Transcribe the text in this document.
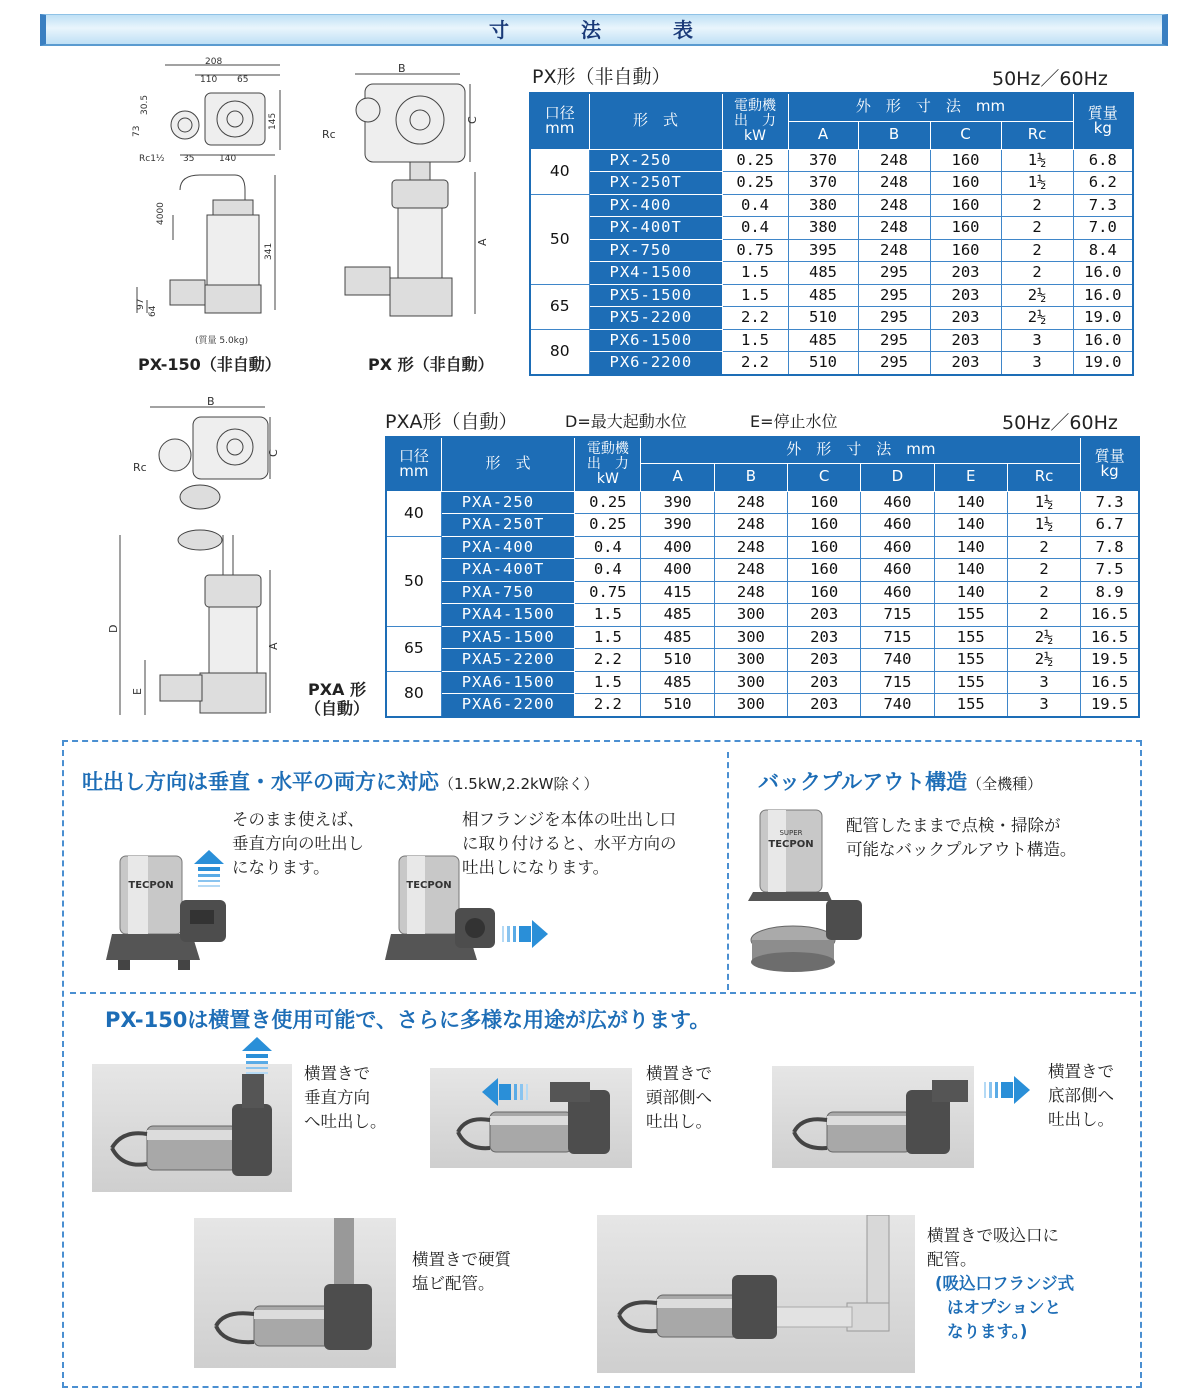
寸　法　表
208
110 65
30.5
73
145
Rc1½ 35	140
4000
341
97
64
(質量 5.0kg)
PX-150（非自動）
B
C
Rc
A
PX 形（非自動）
PX形（非自動）	50Hz／60Hz
口径
mm	形　式	電動機
出　力
kW	外　形　寸　法　mm				質量
kg
			A	B	C	Rc	
40	PX-250	0.25	370	248	160	1½	6.8
	PX-250T	0.25	370	248	160	1½	6.2
50	PX-400	0.4	380	248	160	2	7.3
	PX-400T	0.4	380	248	160	2	7.0
	PX-750	0.75	395	248	160	2	8.4
	PX4-1500	1.5	485	295	203	2	16.0
65	PX5-1500	1.5	485	295	203	2½	16.0
	PX5-2200	2.2	510	295	203	2½	19.0
80	PX6-1500	1.5	485	295	203	3	16.0
	PX6-2200	2.2	510	295	203	3	19.0
B
C
Rc
D
A
E	PXA 形
（自動）
PXA形（自動）	D=最大起動水位	E=停止水位	50Hz／60Hz
口径
mm	形　式	電動機
出　力
kW	外　形　寸　法　mm						質量
kg
			A	B	C	D	E	Rc	
40	PXA-250	0.25	390	248	160	460	140	1½	7.3
	PXA-250T	0.25	390	248	160	460	140	1½	6.7
50	PXA-400	0.4	400	248	160	460	140	2	7.8
	PXA-400T	0.4	400	248	160	460	140	2	7.5
	PXA-750	0.75	415	248	160	460	140	2	8.9
	PXA4-1500	1.5	485	300	203	715	155	2	16.5
65	PXA5-1500	1.5	485	300	203	715	155	2½	16.5
	PXA5-2200	2.2	510	300	203	740	155	2½	19.5
80	PXA6-1500	1.5	485	300	203	715	155	3	16.5
	PXA6-2200	2.2	510	300	203	740	155	3	19.5
吐出し方向は垂直・水平の両方に対応（1.5kW,2.2kW除く）
そのまま使えば、
垂直方向の吐出し
になります。
相フランジを本体の吐出し口
に取り付けると、水平方向の
吐出しになります。
TECPON	TECPON
バックプルアウト構造（全機種）
配管したままで点検・掃除が
可能なバックプルアウト構造。
SUPER
TECPON
PX-150は横置き使用可能で、さらに多様な用途が広がります。
横置きで
垂直方向
へ吐出し。
横置きで
頭部側へ
吐出し。
横置きで
底部側へ
吐出し。
横置きで硬質
塩ビ配管。
横置きで吸込口に
配管。
(吸込口フランジ式
はオプションと
なります。)
